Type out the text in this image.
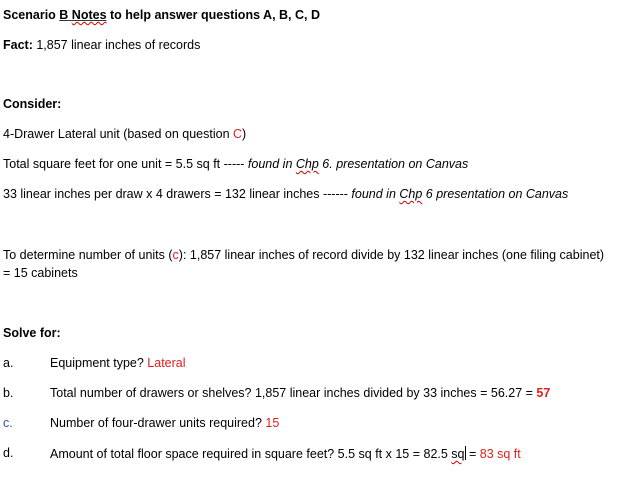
Scenario B Notes to help answer questions A, B, C, D
Fact: 1,857 linear inches of records
Consider:
4-Drawer Lateral unit (based on question C)
Total square feet for one unit = 5.5 sq ft ----- found in Chp 6. presentation on Canvas
33 linear inches per draw x 4 drawers = 132 linear inches ------ found in Chp 6 presentation on Canvas
To determine number of units (c): 1,857 linear inches of record divide by 132 linear inches (one filing cabinet) = 15 cabinets
Solve for:
a.	Equipment type? Lateral
b.	Total number of drawers or shelves? 1,857 linear inches divided by 33 inches = 56.27 = 57
c.	Number of four-drawer units required? 15
d.	Amount of total floor space required in square feet? 5.5 sq ft x 15 = 82.5 sq = 83 sq ft
